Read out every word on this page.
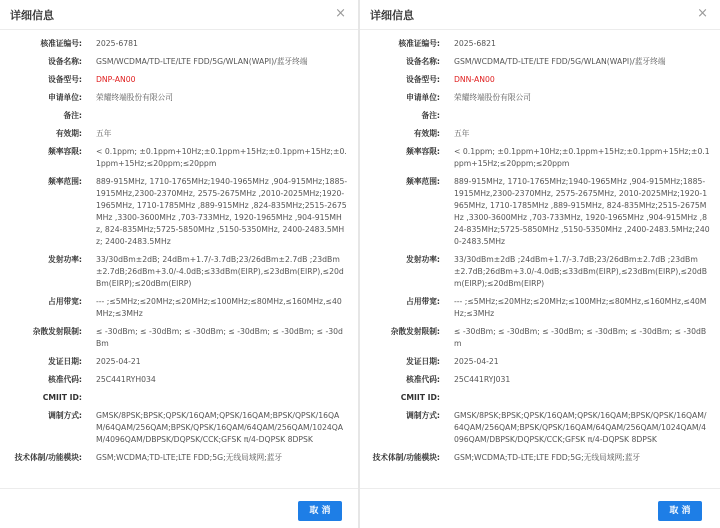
详细信息	×
核准证编号:	2025-6781
设备名称:	GSM/WCDMA/TD-LTE/LTE FDD/5G/WLAN(WAPI)/蓝牙终端
设备型号:	DNP-AN00
申请单位:	荣耀终端股份有限公司
备注:
有效期:	五年
频率容限:	< 0.1ppm; ±0.1ppm+10Hz;±0.1ppm+15Hz;±0.1ppm+15Hz;±0.1ppm+15Hz;≤20ppm;≤20ppm
频率范围:	889-915MHz, 1710-1765MHz;1940-1965MHz ,904-915MHz;1885-1915MHz,2300-2370MHz, 2575-2675MHz ,2010-2025MHz;1920-1965MHz, 1710-1785MHz ,889-915MHz ,824-835MHz;2515-2675MHz ,3300-3600MHz ,703-733MHz, 1920-1965MHz ,904-915MHz, 824-835MHz;5725-5850MHz ,5150-5350MHz, 2400-2483.5MHz; 2400-2483.5MHz
发射功率:	33/30dBm±2dB; 24dBm+1.7/-3.7dB;23/26dBm±2.7dB ;23dBm±2.7dB;26dBm+3.0/-4.0dB;≤33dBm(EIRP),≤23dBm(EIRP),≤20dBm(EIRP);≤20dBm(EIRP)
占用带宽:	--- ;≤5MHz;≤20MHz;≤20MHz;≤100MHz;≤80MHz,≤160MHz,≤40MHz;≤3MHz
杂散发射限制:	≤ -30dBm; ≤ -30dBm; ≤ -30dBm; ≤ -30dBm; ≤ -30dBm; ≤ -30dBm
发证日期:	2025-04-21
核准代码:	25C441RYH034
CMIIT ID:
调制方式:	GMSK/8PSK;BPSK;QPSK/16QAM;QPSK/16QAM;BPSK/QPSK/16QAM/64QAM/256QAM;BPSK/QPSK/16QAM/64QAM/256QAM/1024QAM/4096QAM/DBPSK/DQPSK/CCK;GFSK π/4-DQPSK 8DPSK
技术体制/功能模块:	GSM;WCDMA;TD-LTE;LTE FDD;5G;无线局域网;蓝牙
取 消
详细信息	×
核准证编号:	2025-6821
设备名称:	GSM/WCDMA/TD-LTE/LTE FDD/5G/WLAN(WAPI)/蓝牙终端
设备型号:	DNN-AN00
申请单位:	荣耀终端股份有限公司
备注:
有效期:	五年
频率容限:	< 0.1ppm; ±0.1ppm+10Hz;±0.1ppm+15Hz;±0.1ppm+15Hz;±0.1ppm+15Hz;≤20ppm;≤20ppm
频率范围:	889-915MHz, 1710-1765MHz;1940-1965MHz ,904-915MHz;1885-1915MHz,2300-2370MHz, 2575-2675MHz, 2010-2025MHz;1920-1965MHz, 1710-1785MHz ,889-915MHz, 824-835MHz;2515-2675MHz ,3300-3600MHz ,703-733MHz, 1920-1965MHz ,904-915MHz ,824-835MHz;5725-5850MHz ,5150-5350MHz ,2400-2483.5MHz;2400-2483.5MHz
发射功率:	33/30dBm±2dB ;24dBm+1.7/-3.7dB;23/26dBm±2.7dB ;23dBm±2.7dB;26dBm+3.0/-4.0dB;≤33dBm(EIRP),≤23dBm(EIRP),≤20dBm(EIRP);≤20dBm(EIRP)
占用带宽:	--- ;≤5MHz;≤20MHz;≤20MHz;≤100MHz;≤80MHz,≤160MHz,≤40MHz;≤3MHz
杂散发射限制:	≤ -30dBm; ≤ -30dBm; ≤ -30dBm; ≤ -30dBm; ≤ -30dBm; ≤ -30dBm
发证日期:	2025-04-21
核准代码:	25C441RYJ031
CMIIT ID:
调制方式:	GMSK/8PSK;BPSK;QPSK/16QAM;QPSK/16QAM;BPSK/QPSK/16QAM/64QAM/256QAM;BPSK/QPSK/16QAM/64QAM/256QAM/1024QAM/4096QAM/DBPSK/DQPSK/CCK;GFSK π/4-DQPSK 8DPSK
技术体制/功能模块:	GSM;WCDMA;TD-LTE;LTE FDD;5G;无线局域网;蓝牙
取 消
